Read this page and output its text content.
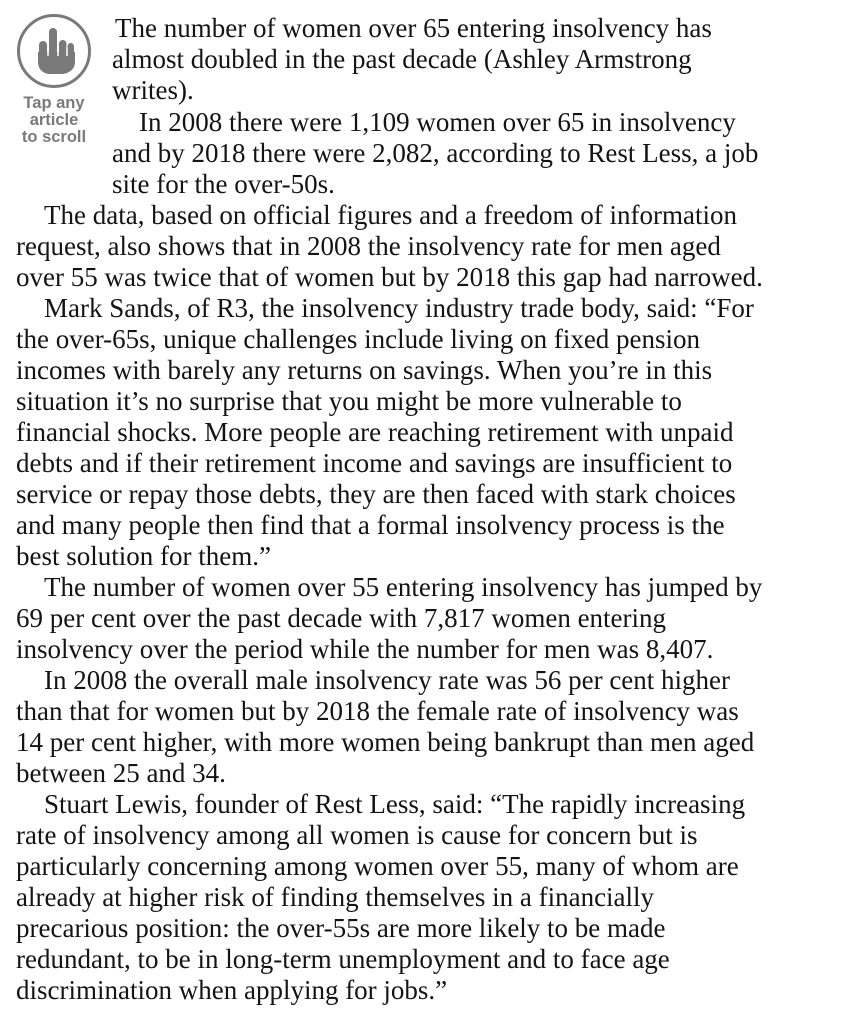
Tap any
article
to scroll
The number of women over 65 entering insolvency has
almost doubled in the past decade (Ashley Armstrong
writes).
In 2008 there were 1,109 women over 65 in insolvency
and by 2018 there were 2,082, according to Rest Less, a job
site for the over-50s.
The data, based on official figures and a freedom of information
request, also shows that in 2008 the insolvency rate for men aged
over 55 was twice that of women but by 2018 this gap had narrowed.
Mark Sands, of R3, the insolvency industry trade body, said: “For
the over-65s, unique challenges include living on fixed pension
incomes with barely any returns on savings. When you’re in this
situation it’s no surprise that you might be more vulnerable to
financial shocks. More people are reaching retirement with unpaid
debts and if their retirement income and savings are insufficient to
service or repay those debts, they are then faced with stark choices
and many people then find that a formal insolvency process is the
best solution for them.”
The number of women over 55 entering insolvency has jumped by
69 per cent over the past decade with 7,817 women entering
insolvency over the period while the number for men was 8,407.
In 2008 the overall male insolvency rate was 56 per cent higher
than that for women but by 2018 the female rate of insolvency was
14 per cent higher, with more women being bankrupt than men aged
between 25 and 34.
Stuart Lewis, founder of Rest Less, said: “The rapidly increasing
rate of insolvency among all women is cause for concern but is
particularly concerning among women over 55, many of whom are
already at higher risk of finding themselves in a financially
precarious position: the over-55s are more likely to be made
redundant, to be in long-term unemployment and to face age
discrimination when applying for jobs.”
